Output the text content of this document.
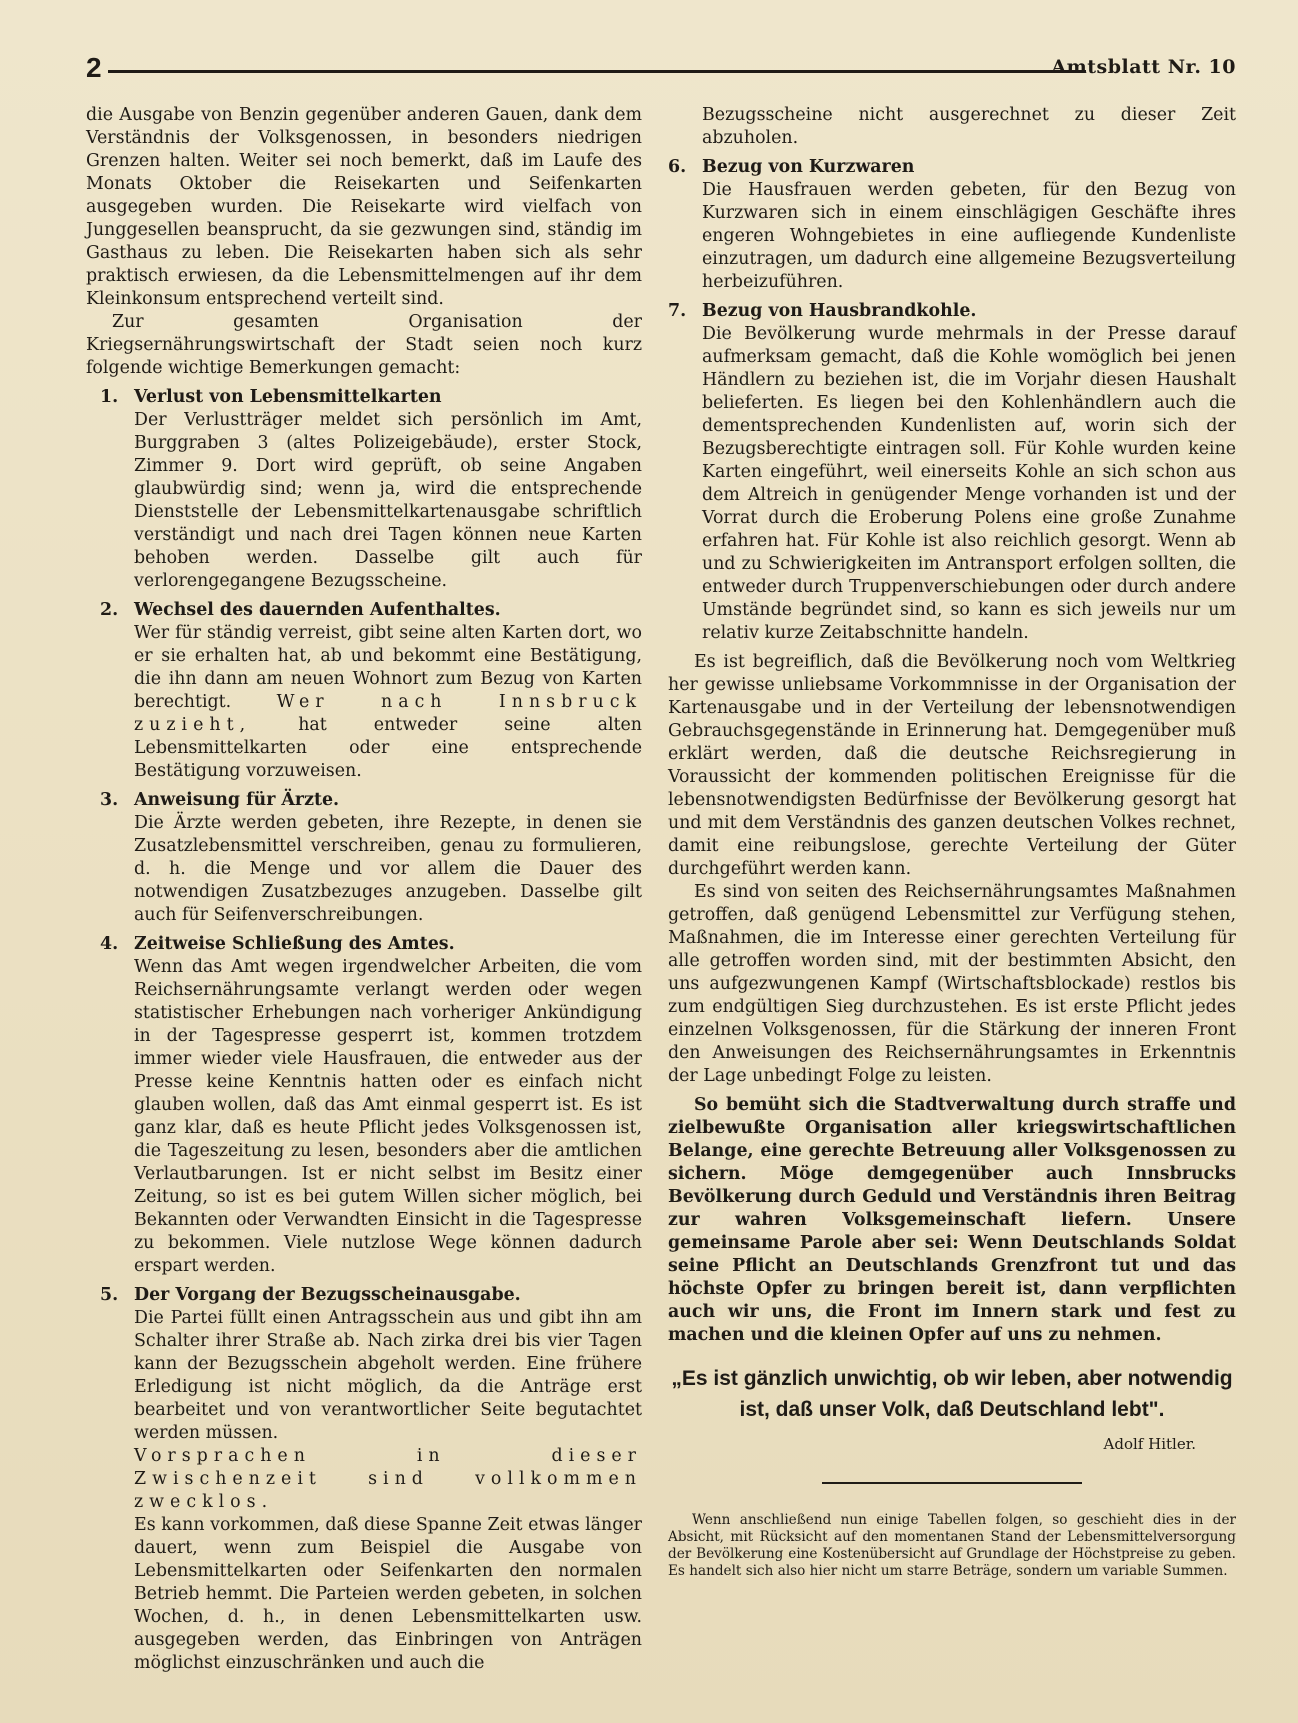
2	Amtsblatt Nr. 10

die Ausgabe von Benzin gegenüber anderen Gauen, dank dem Verständnis der Volksgenossen, in besonders niedrigen Grenzen halten. Weiter sei noch bemerkt, daß im Laufe des Monats Oktober die Reisekarten und Seifenkarten ausgegeben wurden. Die Reisekarte wird vielfach von Junggesellen beansprucht, da sie gezwungen sind, ständig im Gasthaus zu leben. Die Reisekarten haben sich als sehr praktisch erwiesen, da die Lebensmittelmengen auf ihr dem Kleinkonsum entsprechend verteilt sind.

Zur gesamten Organisation der Kriegsernährungswirtschaft der Stadt seien noch kurz folgende wichtige Bemerkungen gemacht:

1. Verlust von Lebensmittelkarten

Der Verlustträger meldet sich persönlich im Amt, Burggraben 3 (altes Polizeigebäude), erster Stock, Zimmer 9. Dort wird geprüft, ob seine Angaben glaubwürdig sind; wenn ja, wird die entsprechende Dienststelle der Lebensmittelkartenausgabe schriftlich verständigt und nach drei Tagen können neue Karten behoben werden. Dasselbe gilt auch für verlorengegangene Bezugsscheine.

2. Wechsel des dauernden Aufenthaltes.

Wer für ständig verreist, gibt seine alten Karten dort, wo er sie erhalten hat, ab und bekommt eine Bestätigung, die ihn dann am neuen Wohnort zum Bezug von Karten berechtigt.	Wer nach Innsbruck zuzieht,	hat entweder seine alten Lebensmittelkarten oder eine entsprechende Bestätigung vorzuweisen.

3. Anweisung für Ärzte.

Die Ärzte werden gebeten, ihre Rezepte, in denen sie Zusatzlebensmittel verschreiben, genau zu formulieren, d. h. die Menge und vor allem die Dauer des notwendigen Zusatzbezuges anzugeben. Dasselbe gilt auch für Seifenverschreibungen.

4. Zeitweise Schließung des Amtes.

Wenn das Amt wegen irgendwelcher Arbeiten, die vom Reichsernährungsamte verlangt werden oder wegen statistischer Erhebungen nach vorheriger Ankündigung in der Tagespresse gesperrt ist, kommen trotzdem immer wieder viele Hausfrauen, die entweder aus der Presse keine Kenntnis hatten oder es einfach nicht glauben wollen, daß das Amt einmal gesperrt ist. Es ist ganz klar, daß es heute Pflicht jedes Volksgenossen ist, die Tageszeitung zu lesen, besonders aber die amtlichen Verlautbarungen. Ist er nicht selbst im Besitz einer Zeitung, so ist es bei gutem Willen sicher möglich, bei Bekannten oder Verwandten Einsicht in die Tagespresse zu bekommen. Viele nutzlose Wege können dadurch erspart werden.

5. Der Vorgang der Bezugsscheinausgabe.

Die Partei füllt einen Antragsschein aus und gibt ihn am Schalter ihrer Straße ab. Nach zirka drei bis vier Tagen kann der Bezugsschein abgeholt werden. Eine frühere Erledigung ist nicht möglich, da die Anträge erst bearbeitet und von verantwortlicher Seite begutachtet werden müssen.

Vorsprachen in dieser Zwischenzeit sind vollkommen zwecklos.

Es kann vorkommen, daß diese Spanne Zeit etwas länger dauert, wenn zum Beispiel die Ausgabe von Lebensmittelkarten oder Seifenkarten den normalen Betrieb hemmt. Die Parteien werden gebeten, in solchen Wochen, d. h., in denen Lebensmittelkarten usw. ausgegeben werden, das Einbringen von Anträgen möglichst einzuschränken und auch die

Bezugsscheine nicht ausgerechnet zu dieser Zeit abzuholen.

6. Bezug von Kurzwaren

Die Hausfrauen werden gebeten, für den Bezug von Kurzwaren sich in einem einschlägigen Geschäfte ihres engeren Wohngebietes in eine aufliegende Kundenliste einzutragen, um dadurch eine allgemeine Bezugsverteilung herbeizuführen.

7. Bezug von Hausbrandkohle.

Die Bevölkerung wurde mehrmals in der Presse darauf aufmerksam gemacht, daß die Kohle womöglich bei jenen Händlern zu beziehen ist, die im Vorjahr diesen Haushalt belieferten. Es liegen bei den Kohlenhändlern auch die dementsprechenden Kundenlisten auf, worin sich der Bezugsberechtigte eintragen soll. Für Kohle wurden keine Karten eingeführt, weil einerseits Kohle an sich schon aus dem Altreich in genügender Menge vorhanden ist und der Vorrat durch die Eroberung Polens eine große Zunahme erfahren hat. Für Kohle ist also reichlich gesorgt. Wenn ab und zu Schwierigkeiten im Antransport erfolgen sollten, die entweder durch Truppenverschiebungen oder durch andere Umstände begründet sind, so kann es sich jeweils nur um relativ kurze Zeitabschnitte handeln.

Es ist begreiflich, daß die Bevölkerung noch vom Weltkrieg her gewisse unliebsame Vorkommnisse in der Organisation der Kartenausgabe und in der Verteilung der lebensnotwendigen Gebrauchsgegenstände in Erinnerung hat. Demgegenüber muß erklärt werden, daß die deutsche Reichsregierung in Voraussicht der kommenden politischen Ereignisse für die lebensnotwendigsten Bedürfnisse der Bevölkerung gesorgt hat und mit dem Verständnis des ganzen deutschen Volkes rechnet, damit eine reibungslose, gerechte Verteilung der Güter durchgeführt werden kann.

Es sind von seiten des Reichsernährungsamtes Maßnahmen getroffen, daß genügend Lebensmittel zur Verfügung stehen, Maßnahmen, die im Interesse einer gerechten Verteilung für alle getroffen worden sind, mit der bestimmten Absicht, den uns aufgezwungenen Kampf (Wirtschaftsblockade) restlos bis zum endgültigen Sieg durchzustehen. Es ist erste Pflicht jedes einzelnen Volksgenossen, für die Stärkung der inneren Front den Anweisungen des Reichsernährungsamtes in Erkenntnis der Lage unbedingt Folge zu leisten.

So bemüht sich die Stadtverwaltung durch straffe und zielbewußte Organisation aller kriegswirtschaftlichen Belange, eine gerechte Betreuung aller Volksgenossen zu sichern. Möge demgegenüber auch Innsbrucks Bevölkerung durch Geduld und Verständnis ihren Beitrag zur wahren Volksgemeinschaft liefern. Unsere gemeinsame Parole aber sei: Wenn Deutschlands Soldat seine Pflicht an Deutschlands Grenzfront tut und das höchste Opfer zu bringen bereit ist, dann verpflichten auch wir uns, die Front im Innern stark und fest zu machen und die kleinen Opfer auf uns zu nehmen.

„Es ist gänzlich unwichtig, ob wir leben, aber notwendig ist, daß unser Volk, daß Deutschland lebt".

Adolf Hitler.

Wenn anschließend nun einige Tabellen folgen, so geschieht dies in der Absicht, mit Rücksicht auf den momentanen Stand der Lebensmittelversorgung der Bevölkerung eine Kostenübersicht auf Grundlage der Höchstpreise zu geben. Es handelt sich also hier nicht um starre Beträge, sondern um variable Summen.
